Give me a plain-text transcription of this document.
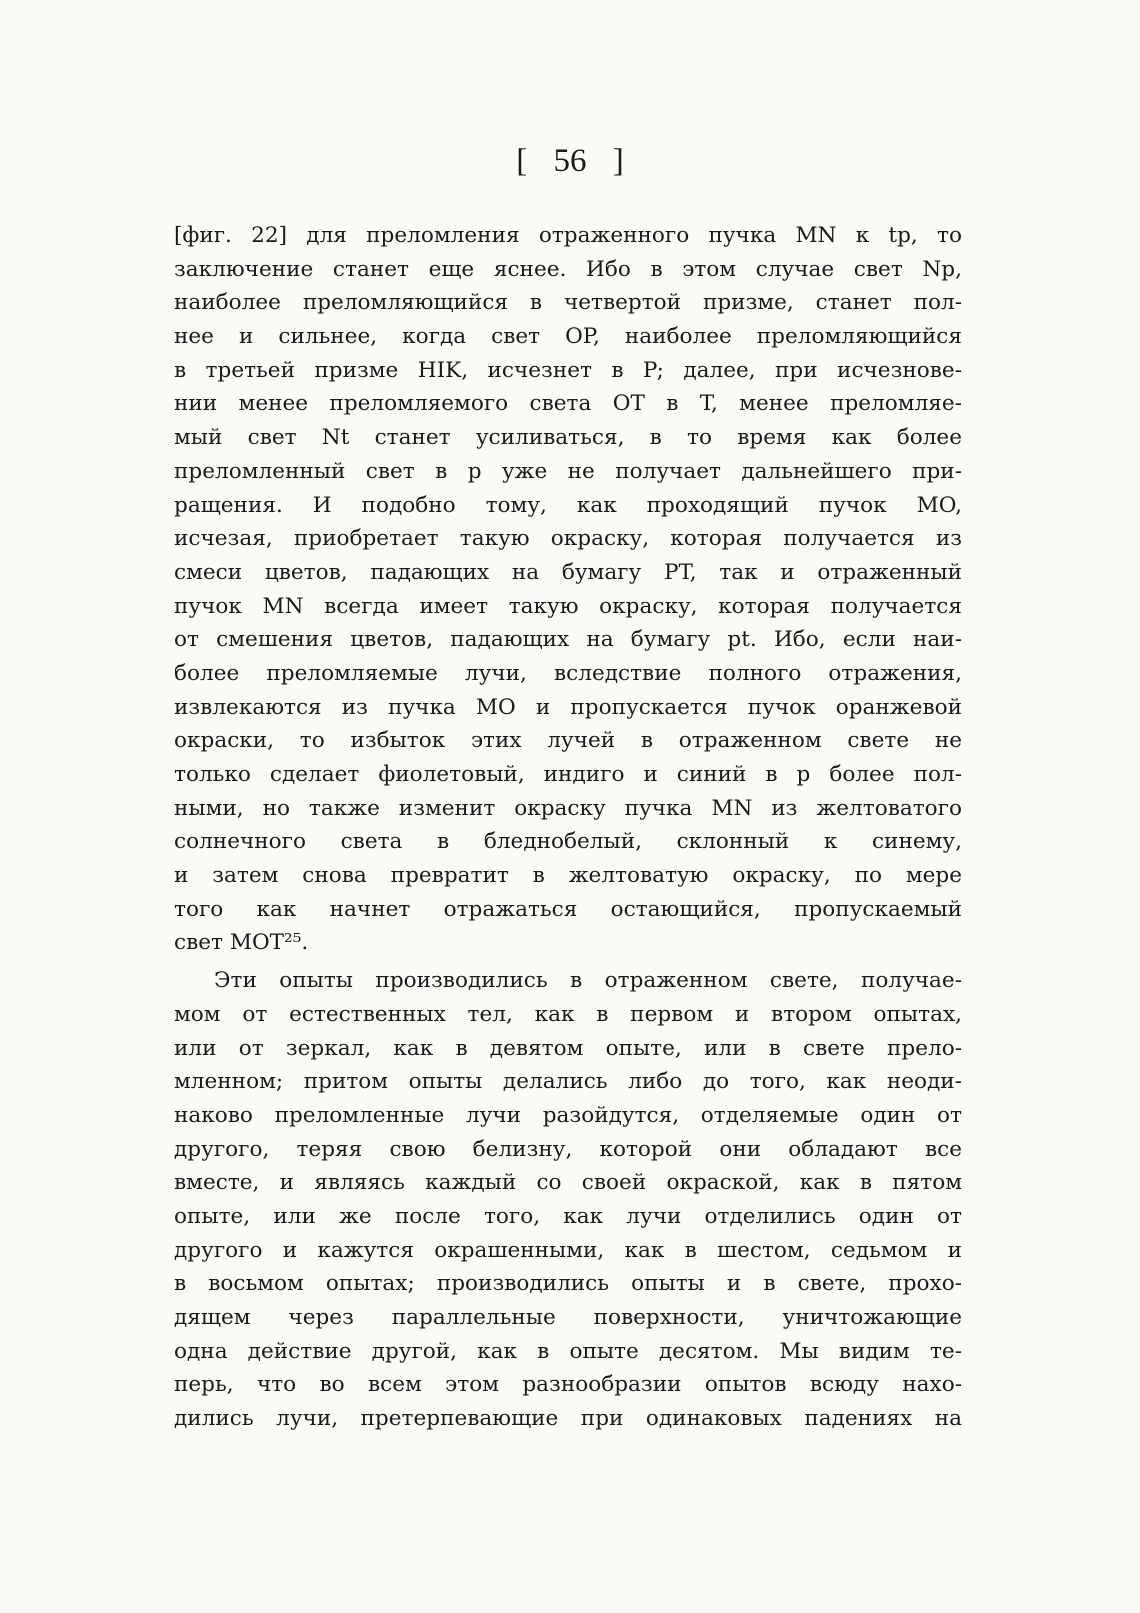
[ 56 ]
[фиг. 22] для преломления отраженного пучка MN к tp, то
заключение станет еще яснее. Ибо в этом случае свет Np,
наиболее преломляющийся в четвертой призме, станет пол-
нее и сильнее, когда свет OP, наиболее преломляющийся
в третьей призме HIK, исчезнет в P; далее, при исчезнове-
нии менее преломляемого света OT в T, менее преломляе-
мый свет Nt станет усиливаться, в то время как более
преломленный свет в p уже не получает дальнейшего при-
ращения. И подобно тому, как проходящий пучок MO,
исчезая, приобретает такую окраску, которая получается из
смеси цветов, падающих на бумагу PT, так и отраженный
пучок MN всегда имеет такую окраску, которая получается
от смешения цветов, падающих на бумагу pt. Ибо, если наи-
более преломляемые лучи, вследствие полного отражения,
извлекаются из пучка MO и пропускается пучок оранжевой
окраски, то избыток этих лучей в отраженном свете не
только сделает фиолетовый, индиго и синий в p более пол-
ными, но также изменит окраску пучка MN из желтоватого
солнечного света в бледнобелый, склонный к синему,
и затем снова превратит в желтоватую окраску, по мере
того как начнет отражаться остающийся, пропускаемый
свет MOT²⁵.
Эти опыты производились в отраженном свете, получае-
мом от естественных тел, как в первом и втором опытах,
или от зеркал, как в девятом опыте, или в свете прело-
мленном; притом опыты делались либо до того, как неоди-
наково преломленные лучи разойдутся, отделяемые один от
другого, теряя свою белизну, которой они обладают все
вместе, и являясь каждый со своей окраской, как в пятом
опыте, или же после того, как лучи отделились один от
другого и кажутся окрашенными, как в шестом, седьмом и
в восьмом опытах; производились опыты и в свете, прохо-
дящем через параллельные поверхности, уничтожающие
одна действие другой, как в опыте десятом. Мы видим те-
перь, что во всем этом разнообразии опытов всюду нахо-
дились лучи, претерпевающие при одинаковых падениях на
